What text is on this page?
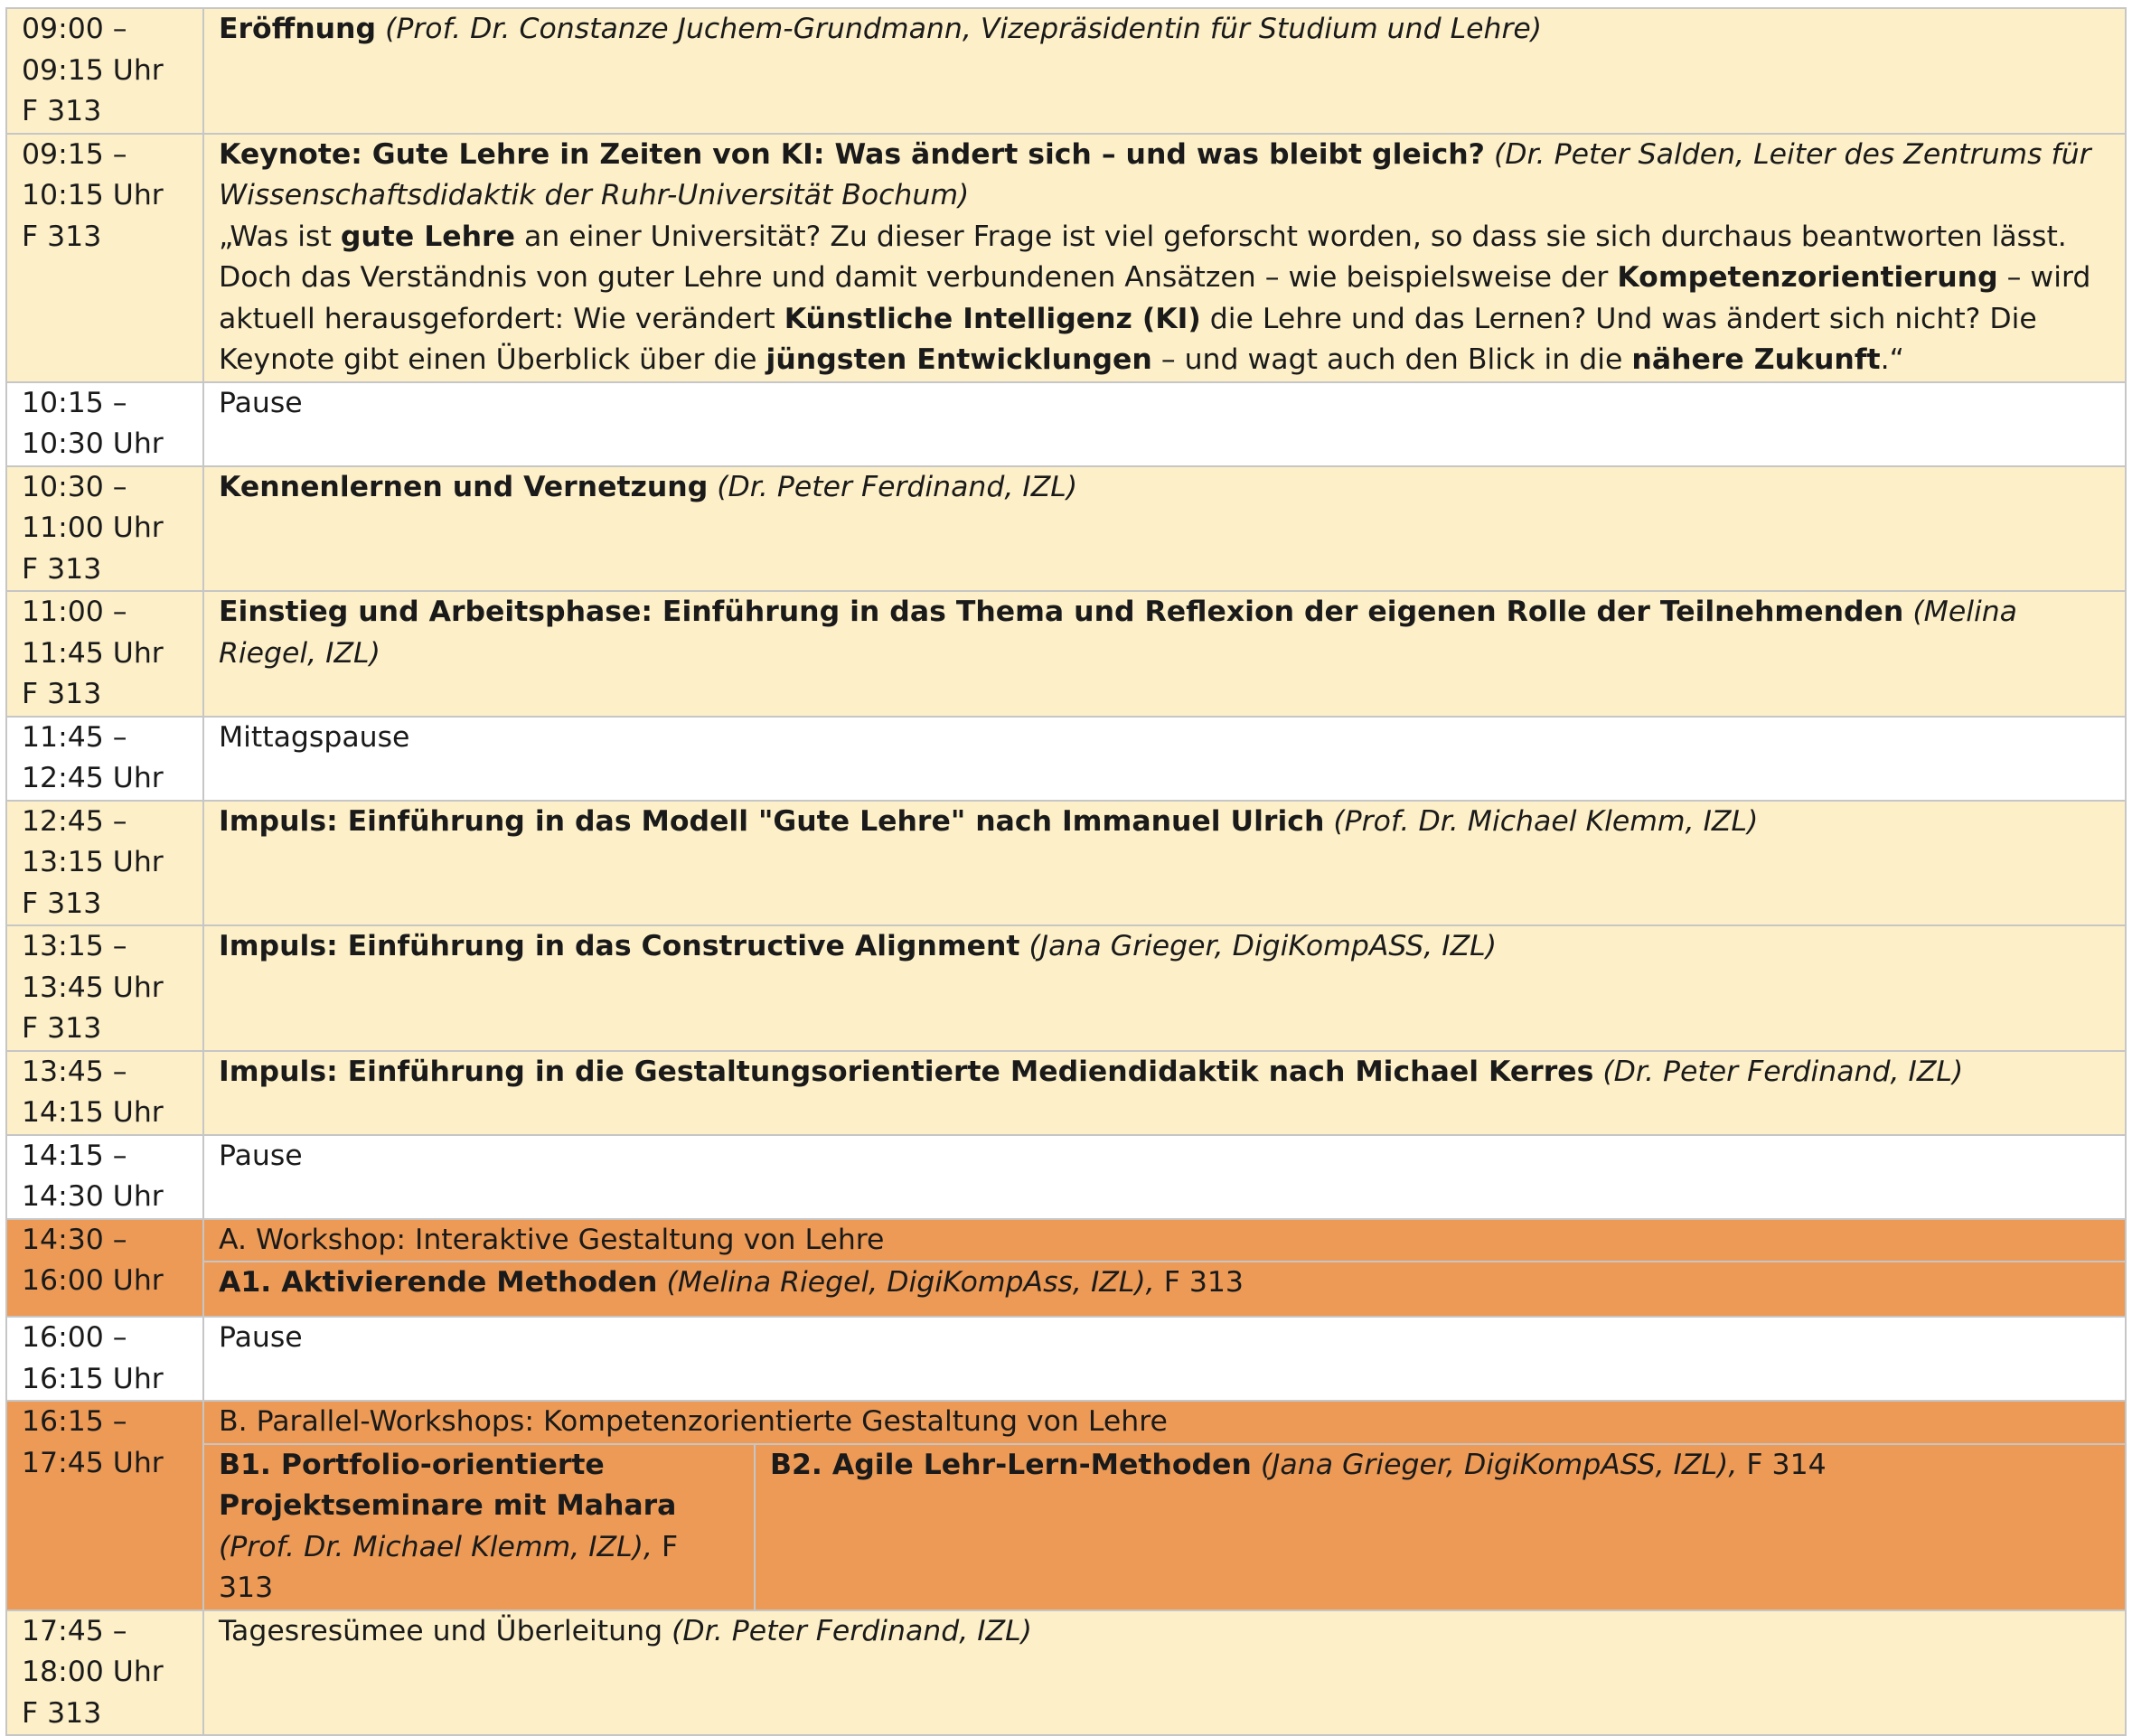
09:00 – 09:15 Uhr
F 313	Eröffnung (Prof. Dr. Constanze Juchem-Grundmann, Vizepräsidentin für Studium und Lehre)	

09:15 – 10:15 Uhr
F 313	Keynote: Gute Lehre in Zeiten von KI: Was ändert sich – und was bleibt gleich? (Dr. Peter Salden, Leiter des Zentrums für Wissenschaftsdidaktik der Ruhr-Universität Bochum)
„Was ist gute Lehre an einer Universität? Zu dieser Frage ist viel geforscht worden, so dass sie sich durchaus beantworten lässt. Doch das Verständnis von guter Lehre und damit verbundenen Ansätzen – wie beispielsweise der Kompetenzorientierung – wird aktuell herausgefordert: Wie verändert Künstliche Intelligenz (KI) die Lehre und das Lernen? Und was ändert sich nicht? Die Keynote gibt einen Überblick über die jüngsten Entwicklungen – und wagt auch den Blick in die nähere Zukunft.“	

10:15 – 10:30 Uhr	Pause	

10:30 – 11:00 Uhr
F 313	Kennenlernen und Vernetzung (Dr. Peter Ferdinand, IZL)	

11:00 – 11:45 Uhr
F 313	Einstieg und Arbeitsphase: Einführung in das Thema und Reflexion der eigenen Rolle der Teilnehmenden (Melina Riegel, IZL)	

11:45 – 12:45 Uhr	Mittagspause	

12:45 – 13:15 Uhr
F 313	Impuls: Einführung in das Modell "Gute Lehre" nach Immanuel Ulrich (Prof. Dr. Michael Klemm, IZL)	

13:15 – 13:45 Uhr
F 313	Impuls: Einführung in das Constructive Alignment (Jana Grieger, DigiKompASS, IZL)	

13:45 – 14:15 Uhr	Impuls: Einführung in die Gestaltungsorientierte Mediendidaktik nach Michael Kerres (Dr. Peter Ferdinand, IZL)	

14:15 – 14:30 Uhr	Pause	

14:30 – 16:00 Uhr	A. Workshop: Interaktive Gestaltung von Lehre	
	A1. Aktivierende Methoden (Melina Riegel, DigiKompAss, IZL), F 313	

16:00 – 16:15 Uhr	Pause	

16:15 – 17:45 Uhr	B. Parallel-Workshops: Kompetenzorientierte Gestaltung von Lehre	
	B1. Portfolio-orientierte Projektseminare mit Mahara (Prof. Dr. Michael Klemm, IZL), F 313	B2. Agile Lehr-Lern-Methoden (Jana Grieger, DigiKompASS, IZL), F 314

17:45 – 18:00 Uhr
F 313	Tagesresümee und Überleitung (Dr. Peter Ferdinand, IZL)	
